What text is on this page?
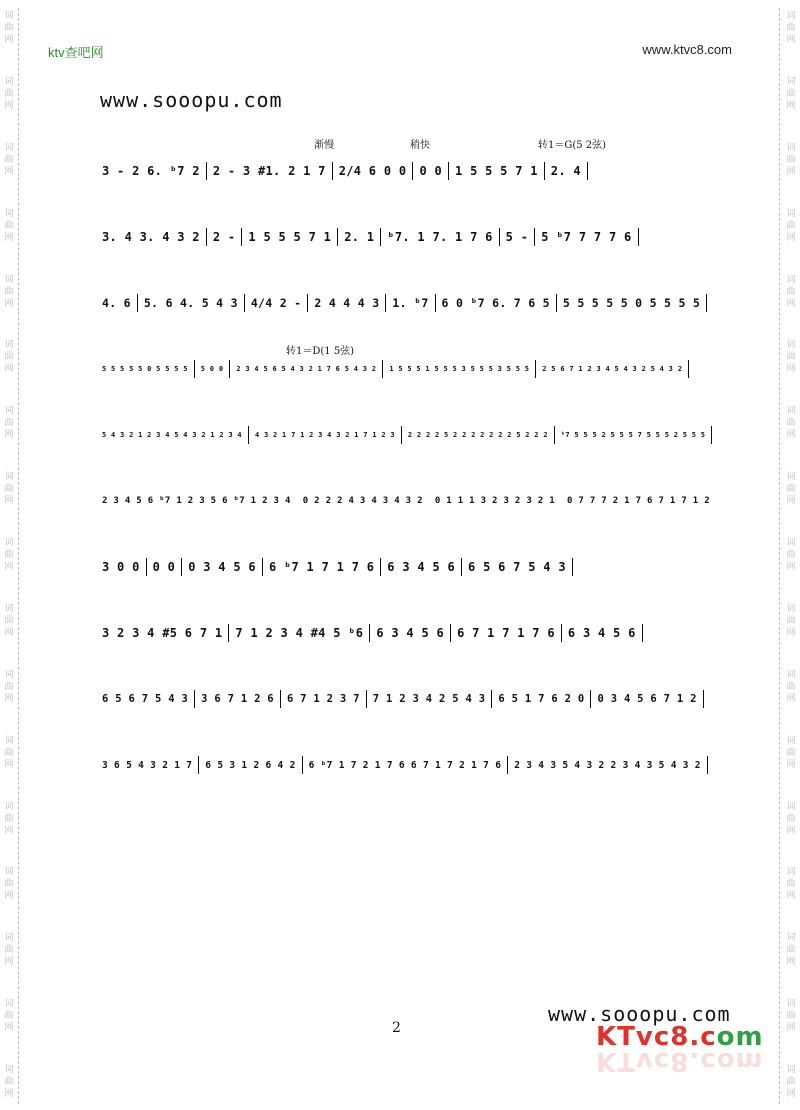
词
曲
网
词
曲
网
词
曲
网
词
曲
网
词
曲
网
词
曲
网
词
曲
网
词
曲
网
词
曲
网
词
曲
网
词
曲
网
词
曲
网
词
曲
网
词
曲
网
词
曲
网
词
曲
网
词
曲
网
词
曲
网
词
曲
网
词
曲
网
词
曲
网
词
曲
网
词
曲
网
词
曲
网
词
曲
网
词
曲
网
词
曲
网
词
曲
网
词
曲
网
词
曲
网
词
曲
网
词
曲
网
词
曲
网
词
曲
网
ktv查吧网	www.ktvc8.com
www.sooopu.com
渐慢	稍快	转1＝G(5 2弦)
3 - 2 6. ᵇ7 2	2 - 3 #1. 2 1 7	2/4 6 0 0	0 0	1 5 5 5 7 1	2. 4
3. 4 3. 4 3 2	2 -	1 5 5 5 7 1	2. 1	ᵇ7. 1 7. 1 7 6	5 -	5 ᵇ7 7 7 7 6
4. 6	5. 6 4. 5 4 3	4/4 2 -	2 4 4 4 3	1. ᵇ7	6 0 ᵇ7 6. 7 6 5	5 5 5 5 5 0 5 5 5 5
转1＝D(1 5弦)
5 5 5 5 5 0 5 5 5 5	5 0 0	2 3 4 5 6 5 4 3 2 1 7 6 5 4 3 2	1 5 5 5 1 5 5 5 3 5 5 5 3 5 5 5	2 5 6 7 1 2 3 4 5 4 3 2 5 4 3 2
5 4 3 2 1 2 3 4 5 4 3 2 1 2 3 4	4 3 2 1 7 1 2 3 4 3 2 1 7 1 2 3	2 2 2 2 5 2 2 2 2 2 2 2 5 2 2 2	ᵇ7 5 5 5 2 5 5 5 7 5 5 5 2 5 5 5
2 3 4 5 6 ᵇ7 1 2 3 5 6 ᵇ7 1 2 3 4	0 2 2 2 4 3 4 3 4 3 2	0 1 1 1 3 2 3 2 3 2 1	0 7 7 7 2 1 7 6 7 1 7 1 2
3 0 0	0 0	0 3 4 5 6	6 ᵇ7 1 7 1 7 6	6 3 4 5 6	6 5 6 7 5 4 3
3 2 3 4 #5 6 7 1	7 1 2 3 4 #4 5 ᵇ6	6 3 4 5 6	6 7 1 7 1 7 6	6 3 4 5 6
6 5 6 7 5 4 3	3 6 7 1 2 6	6 7 1 2 3 7	7 1 2 3 4 2 5 4 3	6 5 1 7 6 2 0	0 3 4 5 6 7 1 2
3 6 5 4 3 2 1 7	6 5 3 1 2 6 4 2	6 ᵇ7 1 7 2 1 7 6 6 7 1 7 2 1 7 6	2 3 4 3 5 4 3 2 2 3 4 3 5 4 3 2
2
www.sooopu.com
KTvc8.com
KTvc8.com
